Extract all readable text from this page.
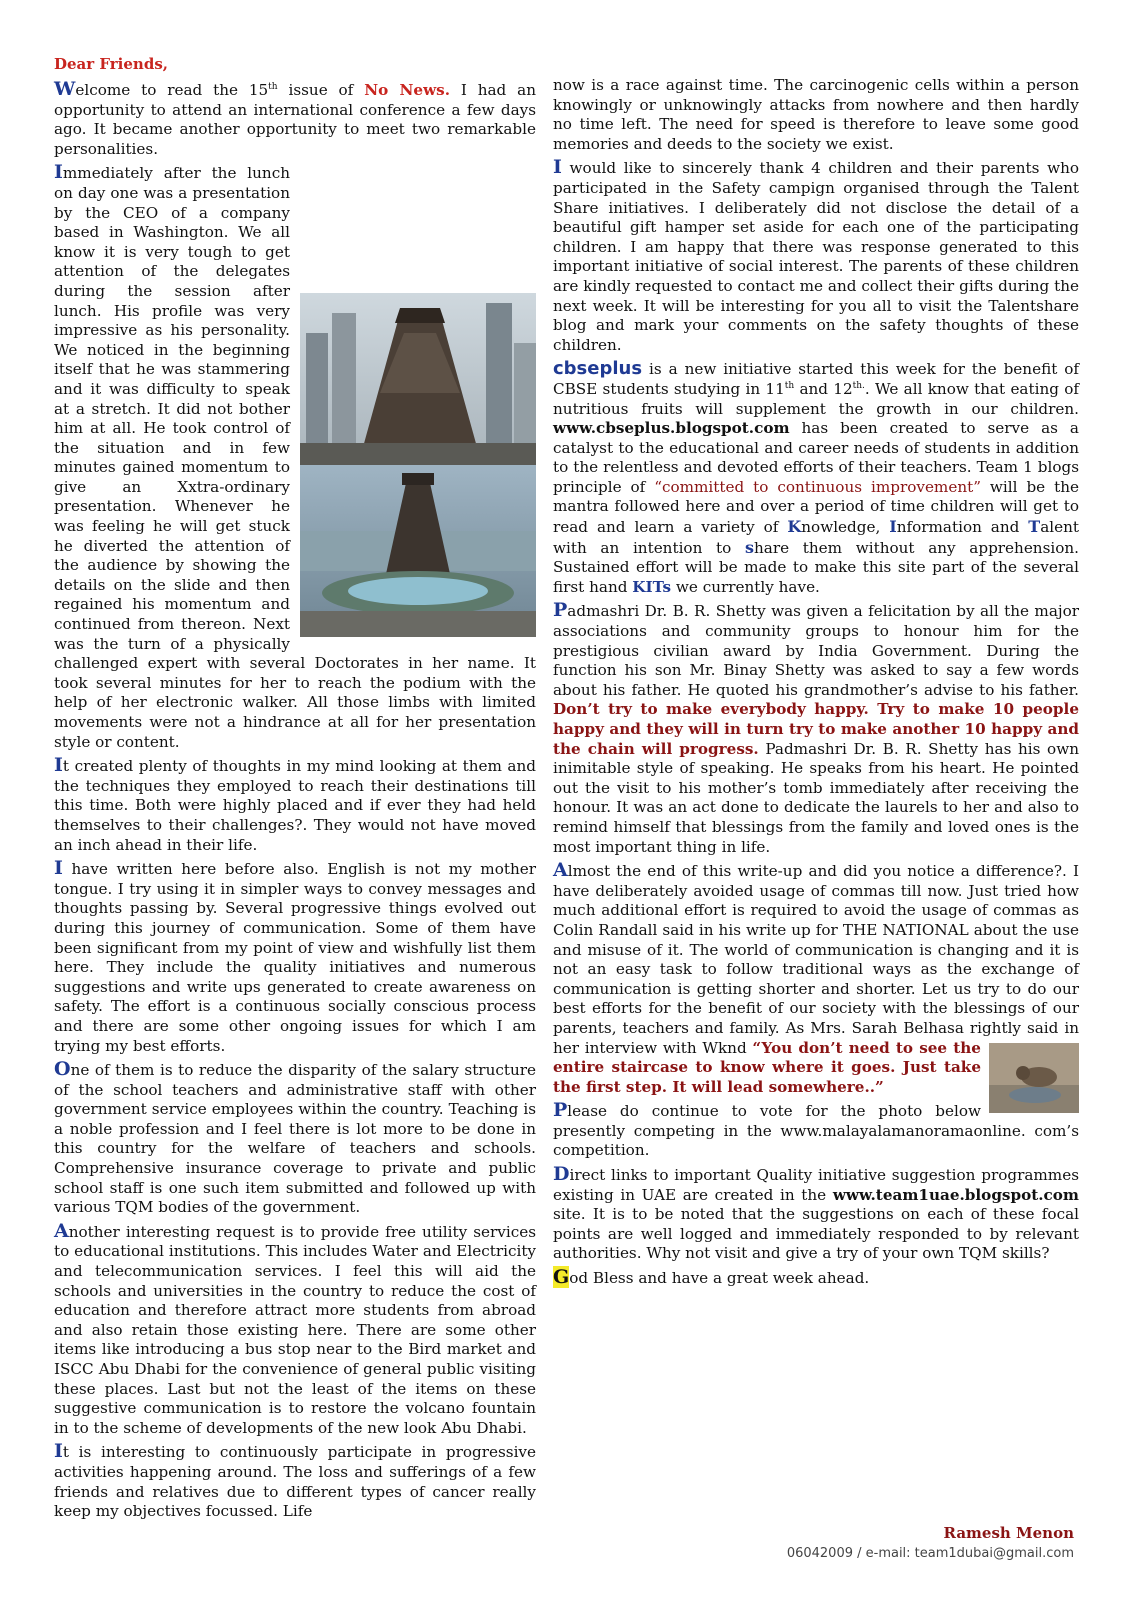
Dear Friends,

Welcome to read the 15th issue of No News. I had an opportunity to attend an international conference a few days ago. It became another opportunity to meet two remarkable personalities.

Immediately after the lunch on day one was a presentation by the CEO of a company based in Washington. We all know it is very tough to get attention of the delegates during the session after lunch. His profile was very impressive as his personality. We noticed in the beginning itself that he was stammering and it was difficulty to speak at a stretch. It did not bother him at all. He took control of the situation and in few minutes gained momentum to give an Xxtra-ordinary presentation. Whenever he was feeling he will get stuck he diverted the attention of the audience by showing the details on the slide and then regained his momentum and continued from thereon. Next was the turn of a physically challenged expert with several Doctorates in her name. It took several minutes for her to reach the podium with the help of her electronic walker. All those limbs with limited movements were not a hindrance at all for her presentation style or content.

It created plenty of thoughts in my mind looking at them and the techniques they employed to reach their destinations till this time. Both were highly placed and if ever they had held themselves to their challenges?. They would not have moved an inch ahead in their life.

I have written here before also. English is not my mother tongue. I try using it in simpler ways to convey messages and thoughts passing by. Several progressive things evolved out during this journey of communication. Some of them have been significant from my point of view and wishfully list them here. They include the quality initiatives and numerous suggestions and write ups generated to create awareness on safety. The effort is a continuous socially conscious process and there are some other ongoing issues for which I am trying my best efforts.

One of them is to reduce the disparity of the salary structure of the school teachers and administrative staff with other government service employees within the country. Teaching is a noble profession and I feel there is lot more to be done in this country for the welfare of teachers and schools. Comprehensive insurance coverage to private and public school staff is one such item submitted and followed up with various TQM bodies of the government.

Another interesting request is to provide free utility services to educational institutions. This includes Water and Electricity and telecommunication services. I feel this will aid the schools and universities in the country to reduce the cost of education and therefore attract more students from abroad and also retain those existing here. There are some other items like introducing a bus stop near to the Bird market and ISCC Abu Dhabi for the convenience of general public visiting these places. Last but not the least of the items on these suggestive communication is to restore the volcano fountain in to the scheme of developments of the new look Abu Dhabi.

It is interesting to continuously participate in progressive activities happening around. The loss and sufferings of a few friends and relatives due to different types of cancer really keep my objectives focussed. Life

now is a race against time. The carcinogenic cells within a person knowingly or unknowingly attacks from nowhere and then hardly no time left. The need for speed is therefore to leave some good memories and deeds to the society we exist.

I would like to sincerely thank 4 children and their parents who participated in the Safety campign organised through the Talent Share initiatives. I deliberately did not disclose the detail of a beautiful gift hamper set aside for each one of the participating children. I am happy that there was response generated to this important initiative of social interest. The parents of these children are kindly requested to contact me and collect their gifts during the next week. It will be interesting for you all to visit the Talentshare blog and mark your comments on the safety thoughts of these children.

cbseplus is a new initiative started this week for the benefit of CBSE students studying in 11th and $12^{th.}$. We all know that eating of nutritious fruits will supplement the growth in our children. www.cbseplus.blogspot.com has been created to serve as a catalyst to the educational and career needs of students in addition to the relentless and devoted efforts of their teachers. Team 1 blogs principle of “committed to continuous improvement” will be the mantra followed here and over a period of time children will get to read and learn a variety of Knowledge, Information and Talent with an intention to share them without any apprehension. Sustained effort will be made to make this site part of the several first hand KITs we currently have.

Padmashri Dr. B. R. Shetty was given a felicitation by all the major associations and community groups to honour him for the prestigious civilian award by India Government. During the function his son Mr. Binay Shetty was asked to say a few words about his father. He quoted his grandmother’s advise to his father. Don’t try to make everybody happy. Try to make 10 people happy and they will in turn try to make another 10 happy and the chain will progress. Padmashri Dr. B. R. Shetty has his own inimitable style of speaking. He speaks from his heart. He pointed out the visit to his mother’s tomb immediately after receiving the honour. It was an act done to dedicate the laurels to her and also to remind himself that blessings from the family and loved ones is the most important thing in life.

Almost the end of this write-up and did you notice a difference?. I have deliberately avoided usage of commas till now. Just tried how much additional effort is required to avoid the usage of commas as Colin Randall said in his write up for THE NATIONAL about the use and misuse of it. The world of communication is changing and it is not an easy task to follow traditional ways as the exchange of communication is getting shorter and shorter. Let us try to do our best efforts for the benefit of our society with the blessings of our parents, teachers and family. As Mrs. Sarah Belhasa rightly said in her interview with Wknd
“You don’t need to see the entire staircase to know where it goes. Just take the first step. It will lead somewhere..”

Please do continue to vote for the photo below presently competing in the www.malayalamanoramaonline. com’s competition.

Direct links to important Quality initiative suggestion programmes existing in UAE are created in the www.team1uae.blogspot.com site. It is to be noted that the suggestions on each of these focal points are well logged and immediately responded to by relevant authorities. Why not visit and give a try of your own TQM skills?

God Bless and have a great week ahead.

Ramesh Menon
06042009 / e-mail: team1dubai@gmail.com
